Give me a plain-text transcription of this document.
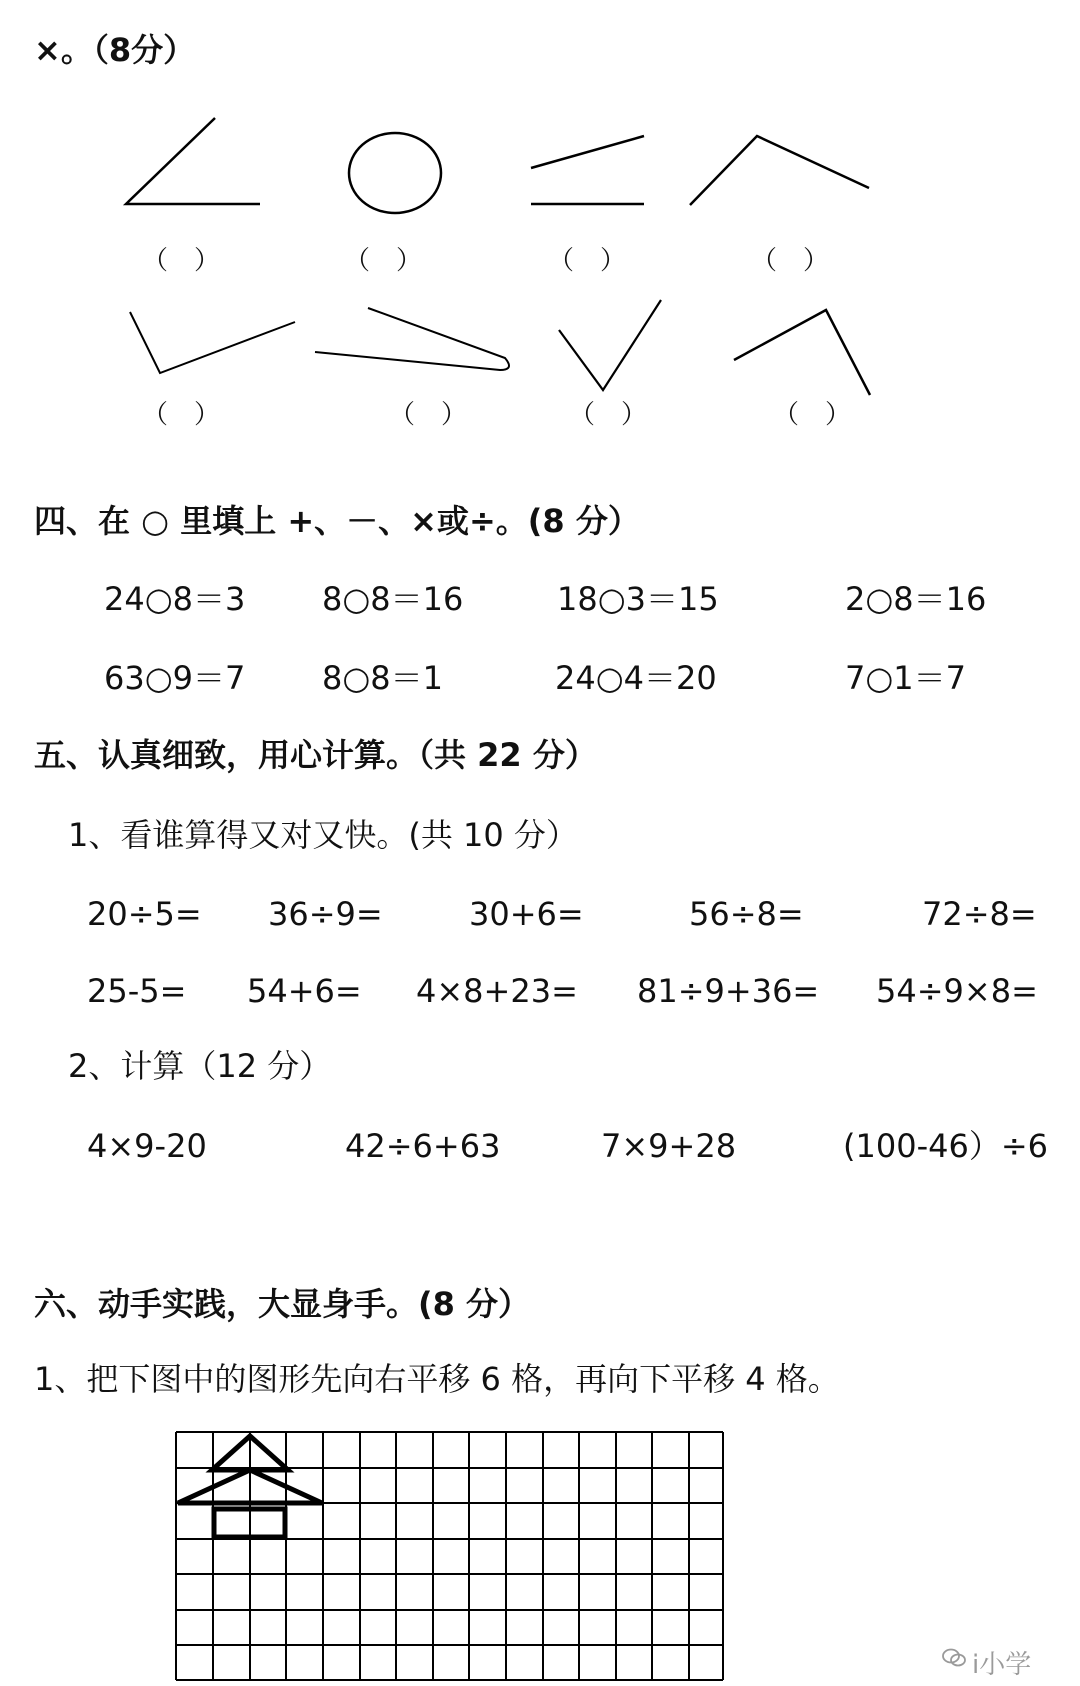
×。（8分）
（　）	（　）	（　）	（　）
（　）	（　）	（　）	（　）
四、在 ○ 里填上 +、－、×或÷。(8 分）
24○8＝3 8○8＝16	18○3＝15	2○8＝16
63○9＝7 8○8＝1	24○4＝20	7○1＝7
五、认真细致，用心计算。（共 22 分）
1、看谁算得又对又快。(共 10 分）
20÷5= 36÷9=	30+6=	56÷8=	72÷8=
25-5= 54+6= 4×8+23= 81÷9+36= 54÷9×8=
2、计算（12 分）
4×9-20	42÷6+63	7×9+28	(100-46）÷6
六、动手实践，大显身手。(8 分）
1、把下图中的图形先向右平移 6 格，再向下平移 4 格。
i小学
